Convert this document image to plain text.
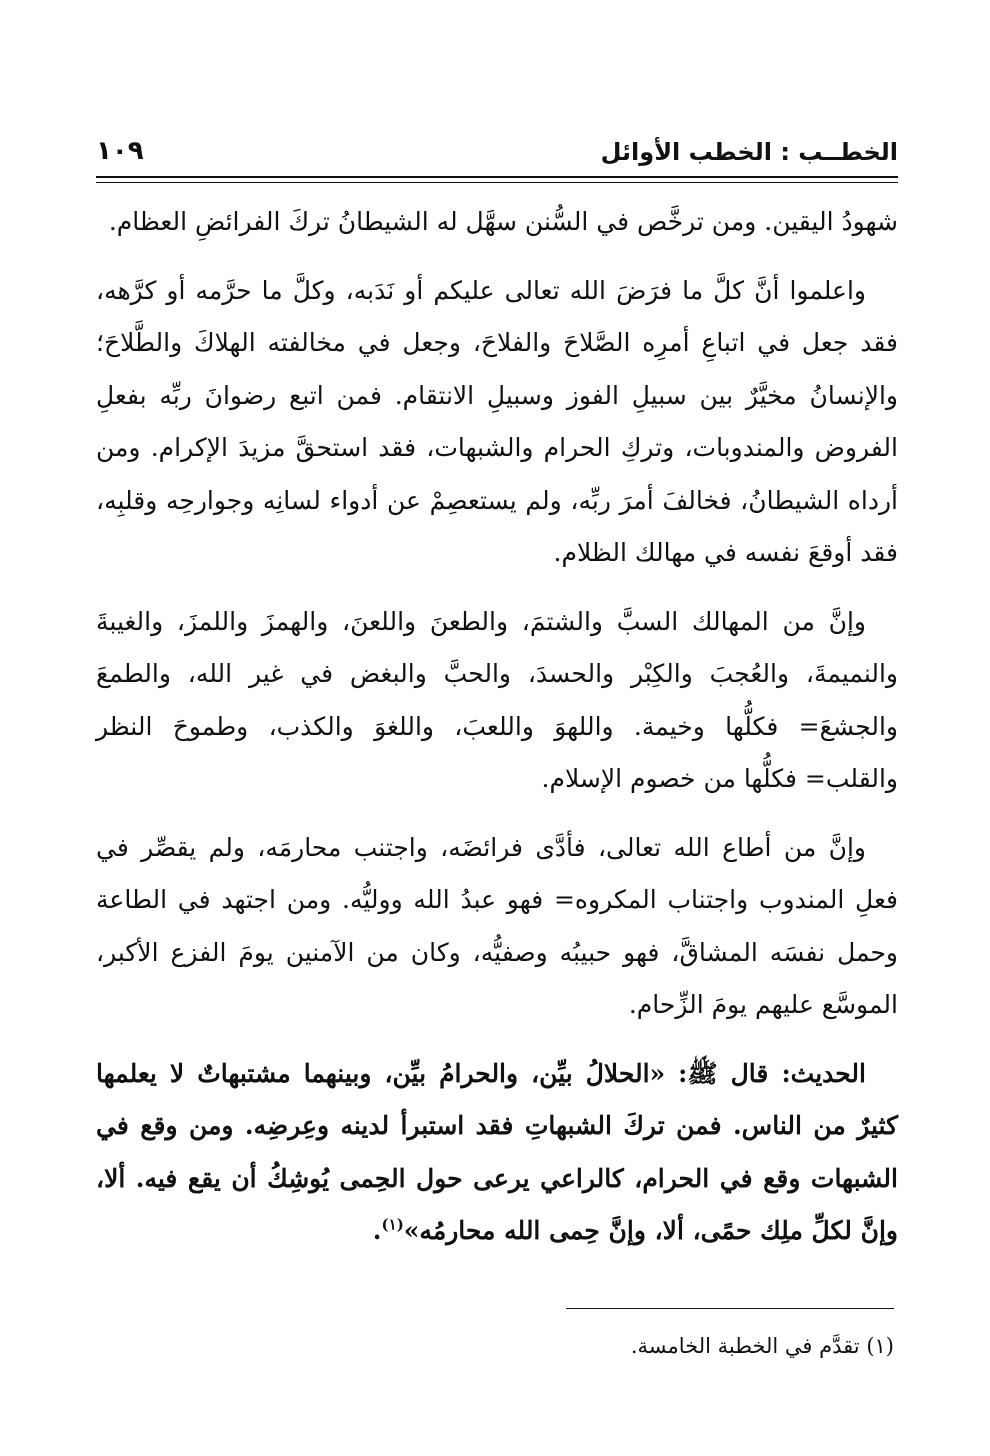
الخطــب : الخطب الأوائل
١٠٩

شهودُ اليقين. ومن ترخَّص في السُّنن سهَّل له الشيطانُ تركَ الفرائضِ العظام.

واعلموا أنَّ كلَّ ما فرَضَ الله تعالى عليكم أو نَدَبه، وكلَّ ما حرَّمه أو كرَّهه، فقد جعل في اتباعِ أمرِه الصَّلاحَ والفلاحَ، وجعل في مخالفته الهلاكَ والطَّلاحَ؛ والإنسانُ مخيَّرٌ بين سبيلِ الفوز وسبيلِ الانتقام. فمن اتبع رضوانَ ربِّه بفعلِ الفروض والمندوبات، وتركِ الحرام والشبهات، فقد استحقَّ مزيدَ الإكرام. ومن أرداه الشيطانُ، فخالفَ أمرَ ربِّه، ولم يستعصِمْ عن أدواء لسانِه وجوارحِه وقلبِه، فقد أوقعَ نفسه في مهالك الظلام.

وإنَّ من المهالك السبَّ والشتمَ، والطعنَ واللعنَ، والهمزَ واللمزَ، والغيبةَ والنميمةَ، والعُجبَ والكِبْر والحسدَ، والحبَّ والبغض في غير الله، والطمعَ والجشعَ= فكلُّها وخيمة. واللهوَ واللعبَ، واللغوَ والكذب، وطموحَ النظر والقلب= فكلُّها من خصوم الإسلام.

وإنَّ من أطاع الله تعالى، فأدَّى فرائضَه، واجتنب محارمَه، ولم يقصِّر في فعلِ المندوب واجتناب المكروه= فهو عبدُ الله ووليُّه. ومن اجتهد في الطاعة وحمل نفسَه المشاقَّ، فهو حبيبُه وصفيُّه، وكان من الآمنين يومَ الفزع الأكبر، الموسَّع عليهم يومَ الزِّحام.

الحديث: قال ﷺ: «الحلالُ بيِّن، والحرامُ بيِّن، وبينهما مشتبهاتٌ لا يعلمها كثيرٌ من الناس. فمن تركَ الشبهاتِ فقد استبرأ لدينه وعِرضِه. ومن وقع في الشبهات وقع في الحرام، كالراعي يرعى حول الحِمى يُوشِكُ أن يقع فيه. ألا، وإنَّ لكلِّ ملِك حمًى، ألا، وإنَّ حِمى الله محارمُه»$^{(١)}$.

(١) تقدَّم في الخطبة الخامسة.
